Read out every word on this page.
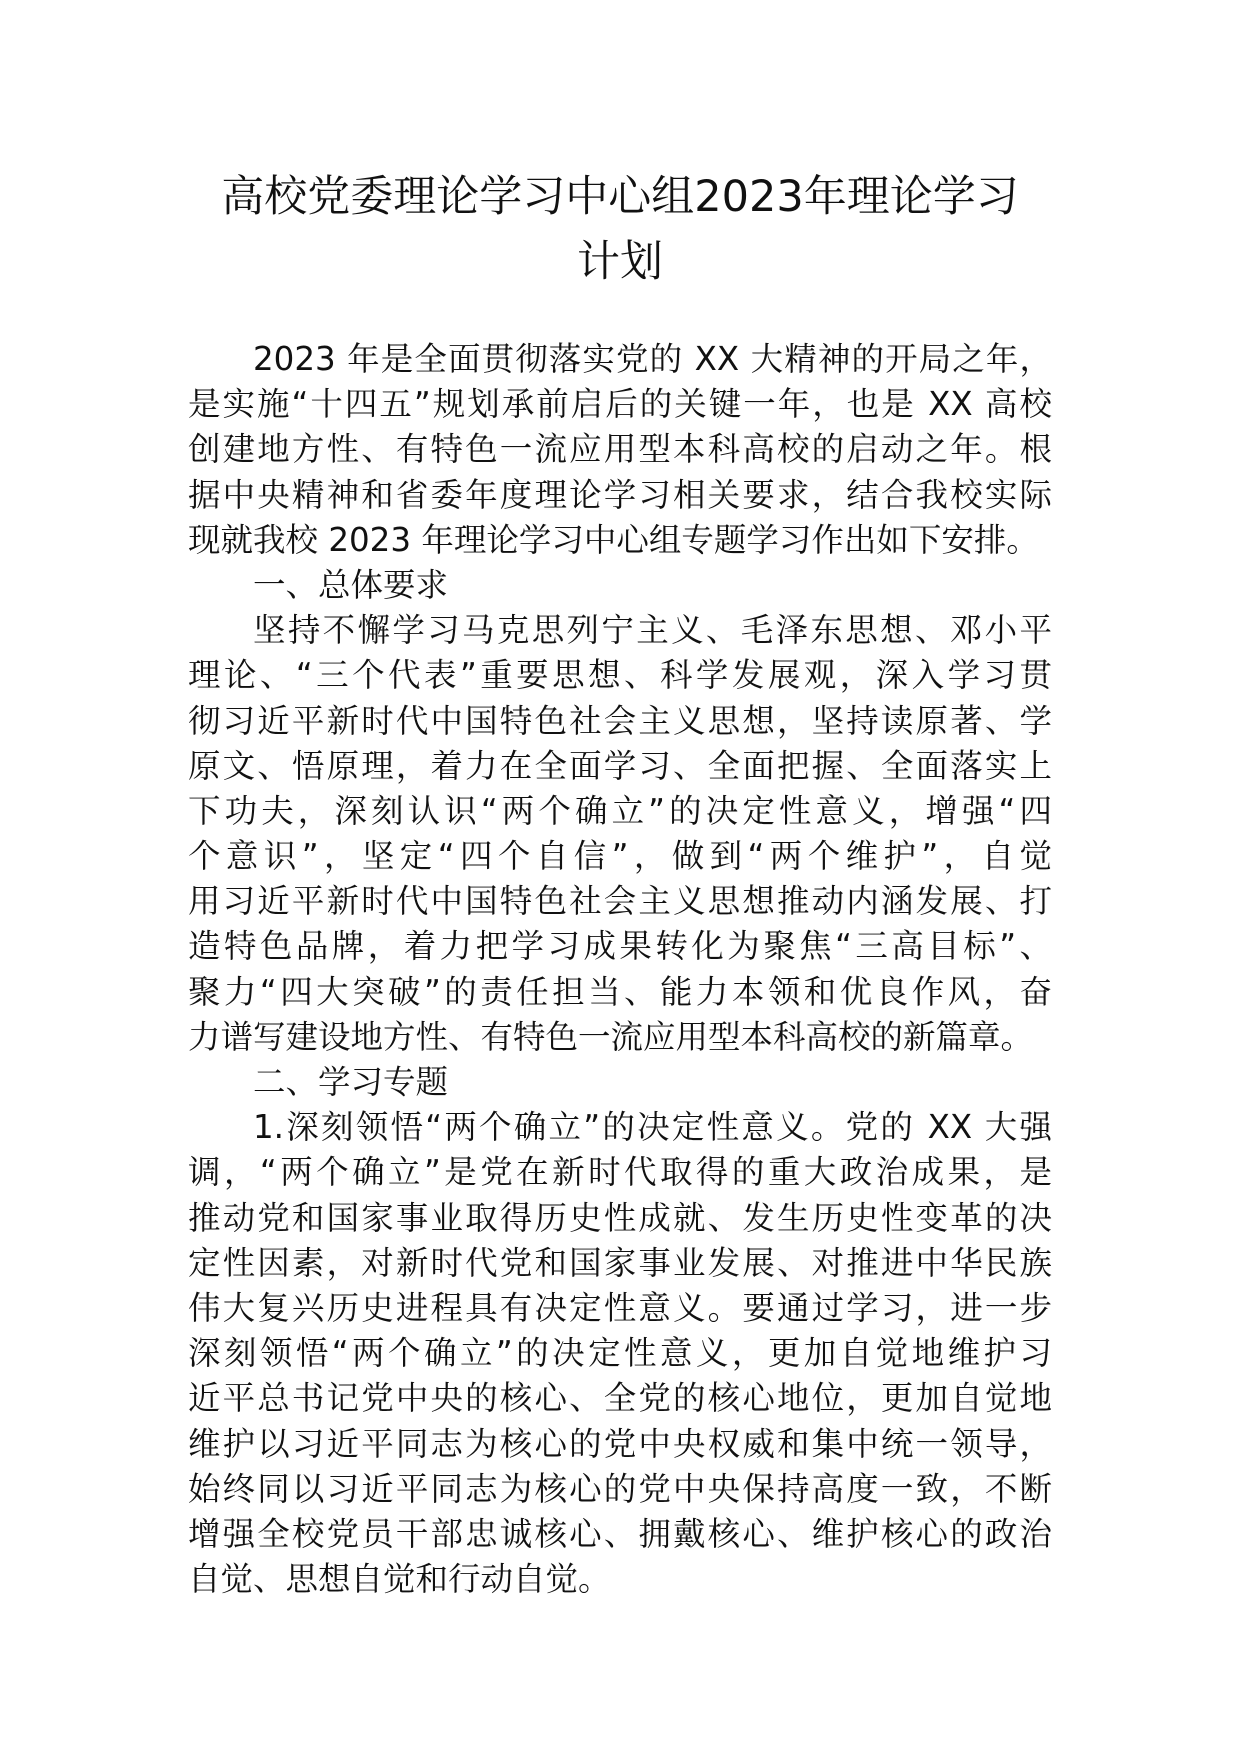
高校党委理论学习中心组2023年理论学习
计划

2023 年是全面贯彻落实党的 XX 大精神的开局之年，

是实施“十四五”规划承前启后的关键一年，也是 XX 高校

创建地方性、有特色一流应用型本科高校的启动之年。根

据中央精神和省委年度理论学习相关要求，结合我校实际

现就我校 2023 年理论学习中心组专题学习作出如下安排。

一、总体要求

坚持不懈学习马克思列宁主义、毛泽东思想、邓小平

理论、“三个代表”重要思想、科学发展观，深入学习贯

彻习近平新时代中国特色社会主义思想，坚持读原著、学

原文、悟原理，着力在全面学习、全面把握、全面落实上

下功夫，深刻认识“两个确立”的决定性意义，增强“四

个意识”，坚定“四个自信”，做到“两个维护”，自觉

用习近平新时代中国特色社会主义思想推动内涵发展、打

造特色品牌，着力把学习成果转化为聚焦“三高目标”、

聚力“四大突破”的责任担当、能力本领和优良作风，奋

力谱写建设地方性、有特色一流应用型本科高校的新篇章。

二、学习专题

1.深刻领悟“两个确立”的决定性意义。党的 XX 大强

调，“两个确立”是党在新时代取得的重大政治成果，是

推动党和国家事业取得历史性成就、发生历史性变革的决

定性因素，对新时代党和国家事业发展、对推进中华民族

伟大复兴历史进程具有决定性意义。要通过学习，进一步

深刻领悟“两个确立”的决定性意义，更加自觉地维护习

近平总书记党中央的核心、全党的核心地位，更加自觉地

维护以习近平同志为核心的党中央权威和集中统一领导，

始终同以习近平同志为核心的党中央保持高度一致，不断

增强全校党员干部忠诚核心、拥戴核心、维护核心的政治

自觉、思想自觉和行动自觉。
